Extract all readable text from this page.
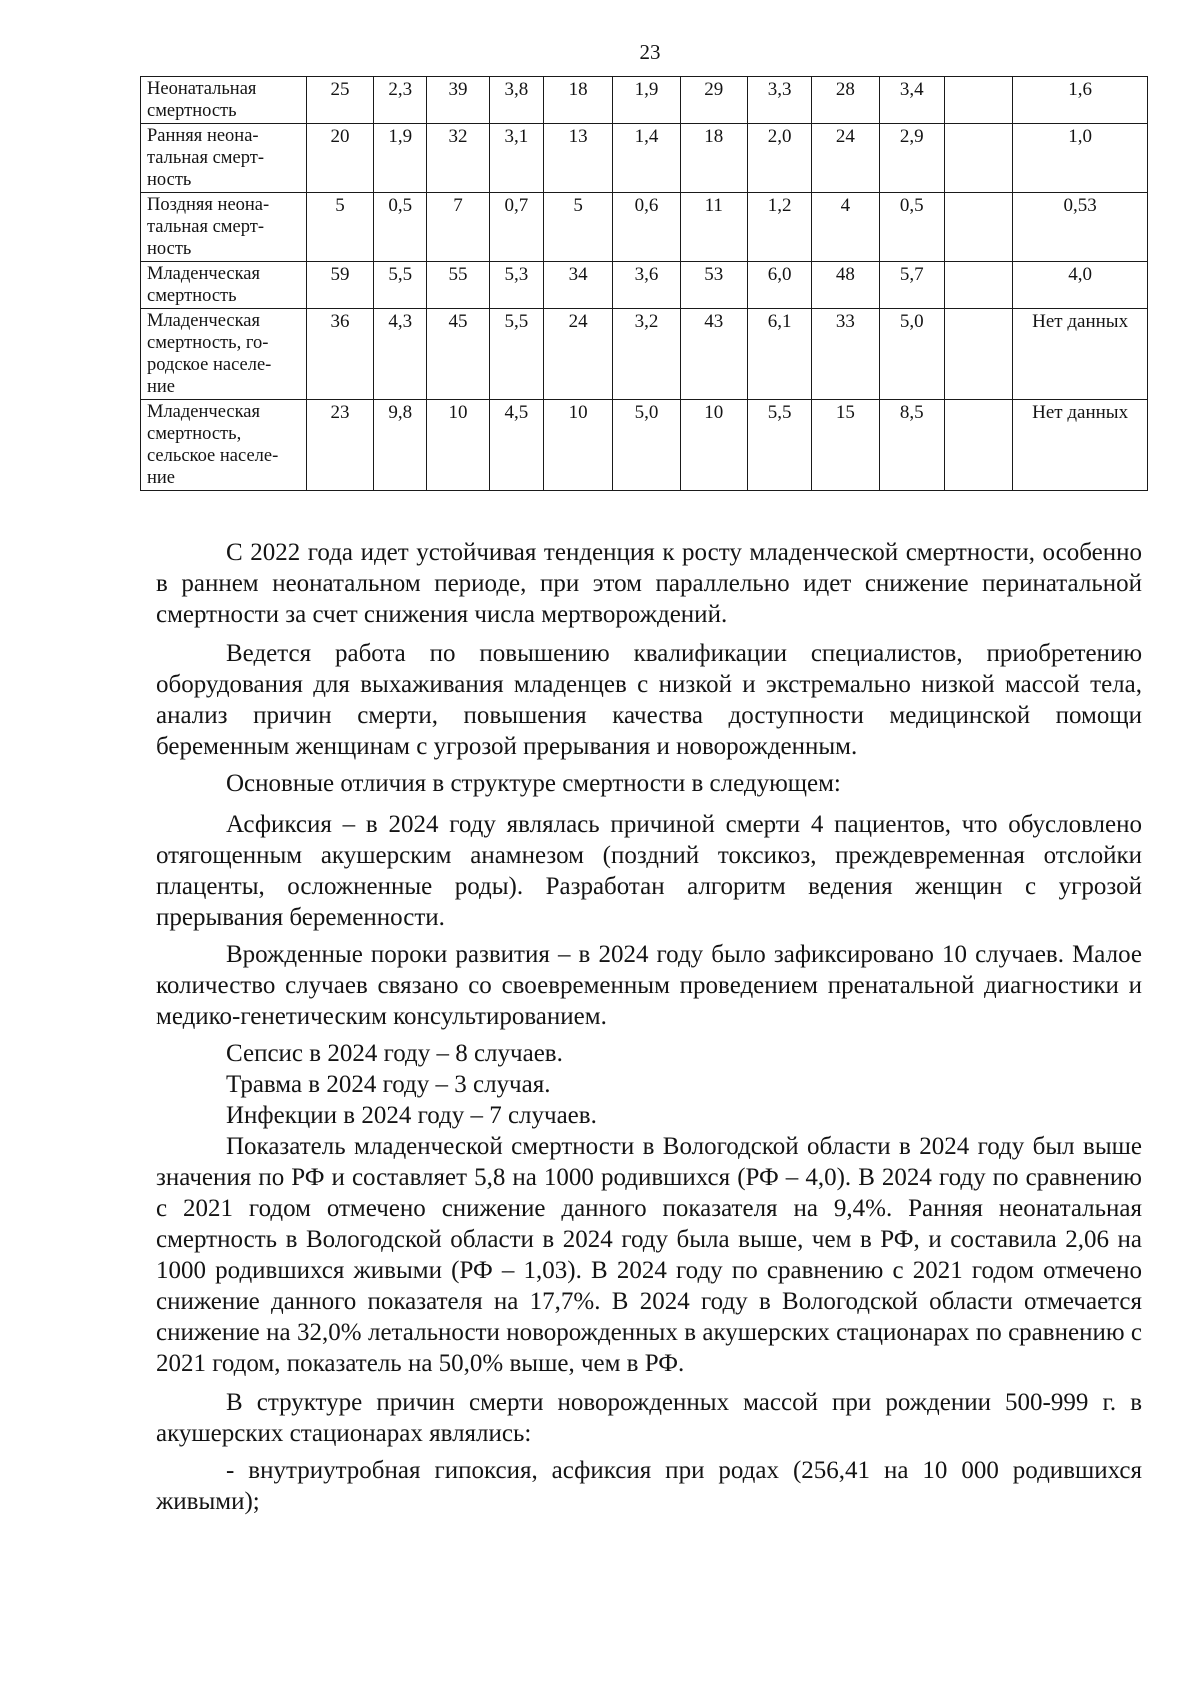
23
Неонатальная
смертность	25	2,3	39	3,8	18	1,9	29	3,3	28	3,4		1,6

Ранняя неона-
тальная смерт-
ность	20	1,9	32	3,1	13	1,4	18	2,0	24	2,9		1,0

Поздняя неона-
тальная смерт-
ность	5	0,5	7	0,7	5	0,6	11	1,2	4	0,5		0,53

Младенческая
смертность	59	5,5	55	5,3	34	3,6	53	6,0	48	5,7		4,0

Младенческая
смертность, го-
родское населе-
ние	36	4,3	45	5,5	24	3,2	43	6,1	33	5,0		Нет данных

Младенческая
смертность,
сельское населе-
ние	23	9,8	10	4,5	10	5,0	10	5,5	15	8,5		Нет данных

С 2022 года идет устойчивая тенденция к росту младенческой смертности, особенно в раннем неонатальном периоде, при этом параллельно идет снижение перинатальной смертности за счет снижения числа мертворождений.

Ведется работа по повышению квалификации специалистов, приобретению оборудования для выхаживания младенцев с низкой и экстремально низкой массой тела, анализ причин смерти, повышения качества доступности медицинской помощи беременным женщинам с угрозой прерывания и новорожденным.

Основные отличия в структуре смертности в следующем:

Асфиксия – в 2024 году являлась причиной смерти 4 пациентов, что обусловлено отягощенным акушерским анамнезом (поздний токсикоз, преждевременная отслойки плаценты, осложненные роды). Разработан алгоритм ведения женщин с угрозой прерывания беременности.

Врожденные пороки развития – в 2024 году было зафиксировано 10 случаев. Малое количество случаев связано со своевременным проведением пренатальной диагностики и медико-генетическим консультированием.

Сепсис в 2024 году – 8 случаев.

Травма в 2024 году – 3 случая.

Инфекции в 2024 году – 7 случаев.

Показатель младенческой смертности в Вологодской области в 2024 году был выше значения по РФ и составляет 5,8 на 1000 родившихся (РФ – 4,0). В 2024 году по сравнению с 2021 годом отмечено снижение данного показателя на 9,4%. Ранняя неонатальная смертность в Вологодской области в 2024 году была выше, чем в РФ, и составила 2,06 на 1000 родившихся живыми (РФ – 1,03). В 2024 году по сравнению с 2021 годом отмечено снижение данного показателя на 17,7%. В 2024 году в Вологодской области отмечается снижение на 32,0% летальности новорожденных в акушерских стационарах по сравнению с 2021 годом, показатель на 50,0% выше, чем в РФ.

В структуре причин смерти новорожденных массой при рождении 500-999 г. в акушерских стационарах являлись:

- внутриутробная гипоксия, асфиксия при родах (256,41 на 10 000 родившихся живыми);
